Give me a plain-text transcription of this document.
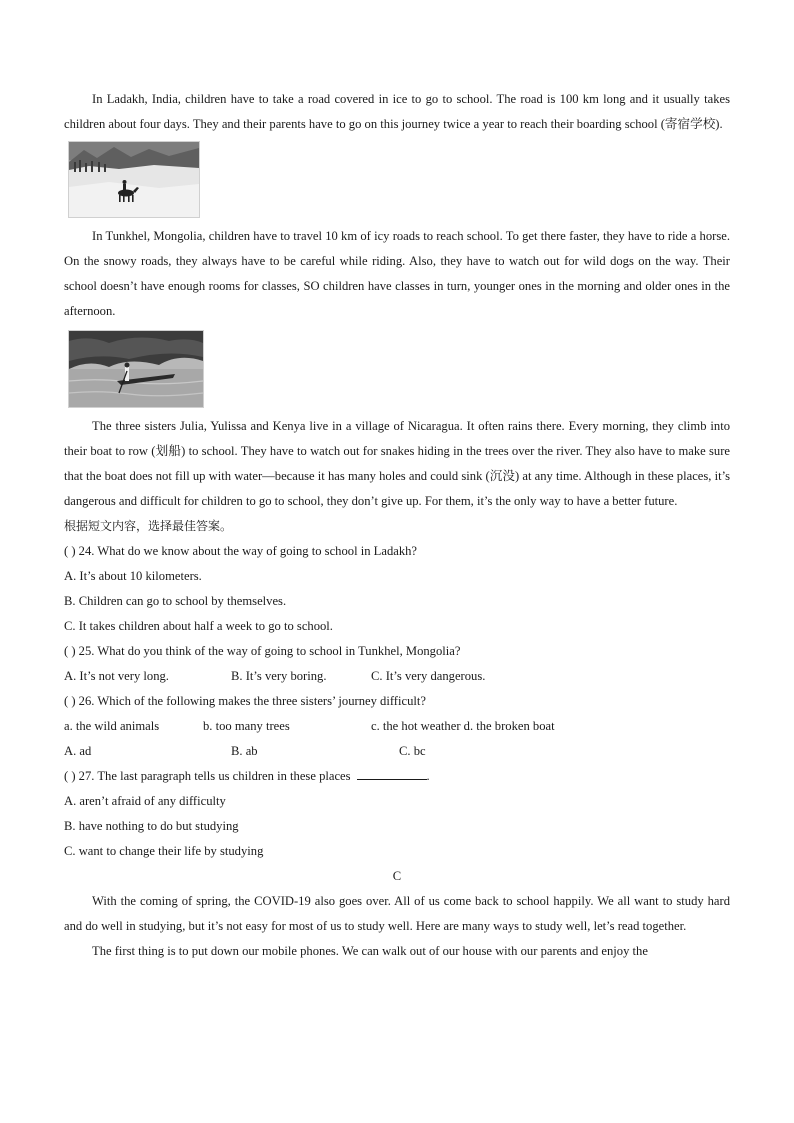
In Ladakh, India, children have to take a road covered in ice to go to school. The road is 100 km long and it usually takes children about four days. They and their parents have to go on this journey twice a year to reach their boarding school (寄宿学校).

In Tunkhel, Mongolia, children have to travel 10 km of icy roads to reach school. To get there faster, they have to ride a horse. On the snowy roads, they always have to be careful while riding. Also, they have to watch out for wild dogs on the way. Their school doesn’t have enough rooms for classes, SO children have classes in turn, younger ones in the morning and older ones in the afternoon.

The three sisters Julia, Yulissa and Kenya live in a village of Nicaragua. It often rains there. Every morning, they climb into their boat to row (划船) to school. They have to watch out for snakes hiding in the trees over the river. They also have to make sure that the boat does not fill up with water—because it has many holes and could sink (沉没) at any time. Although in these places, it’s dangerous and difficult for children to go to school, they don’t give up. For them, it’s the only way to have a better future.

根据短文内容，选择最佳答案。

( ) 24. What do we know about the way of going to school in Ladakh?

A. It’s about 10 kilometers.

B. Children can go to school by themselves.

C. It takes children about half a week to go to school.

( ) 25. What do you think of the way of going to school in Tunkhel, Mongolia?

A. It’s not very long.	B. It’s very boring.	C. It’s very dangerous.

( ) 26. Which of the following makes the three sisters’ journey difficult?

a. the wild animals	b. too many trees	c. the hot weather d. the broken boat
A. ad	B. ab	C. bc

( ) 27. The last paragraph tells us children in these places	.

A. aren’t afraid of any difficulty

B. have nothing to do but studying

C. want to change their life by studying

C

With the coming of spring, the COVID-19 also goes over. All of us come back to school happily. We all want to study hard and do well in studying, but it’s not easy for most of us to study well. Here are many ways to study well, let’s read together.

The first thing is to put down our mobile phones. We can walk out of our house with our parents and enjoy the
